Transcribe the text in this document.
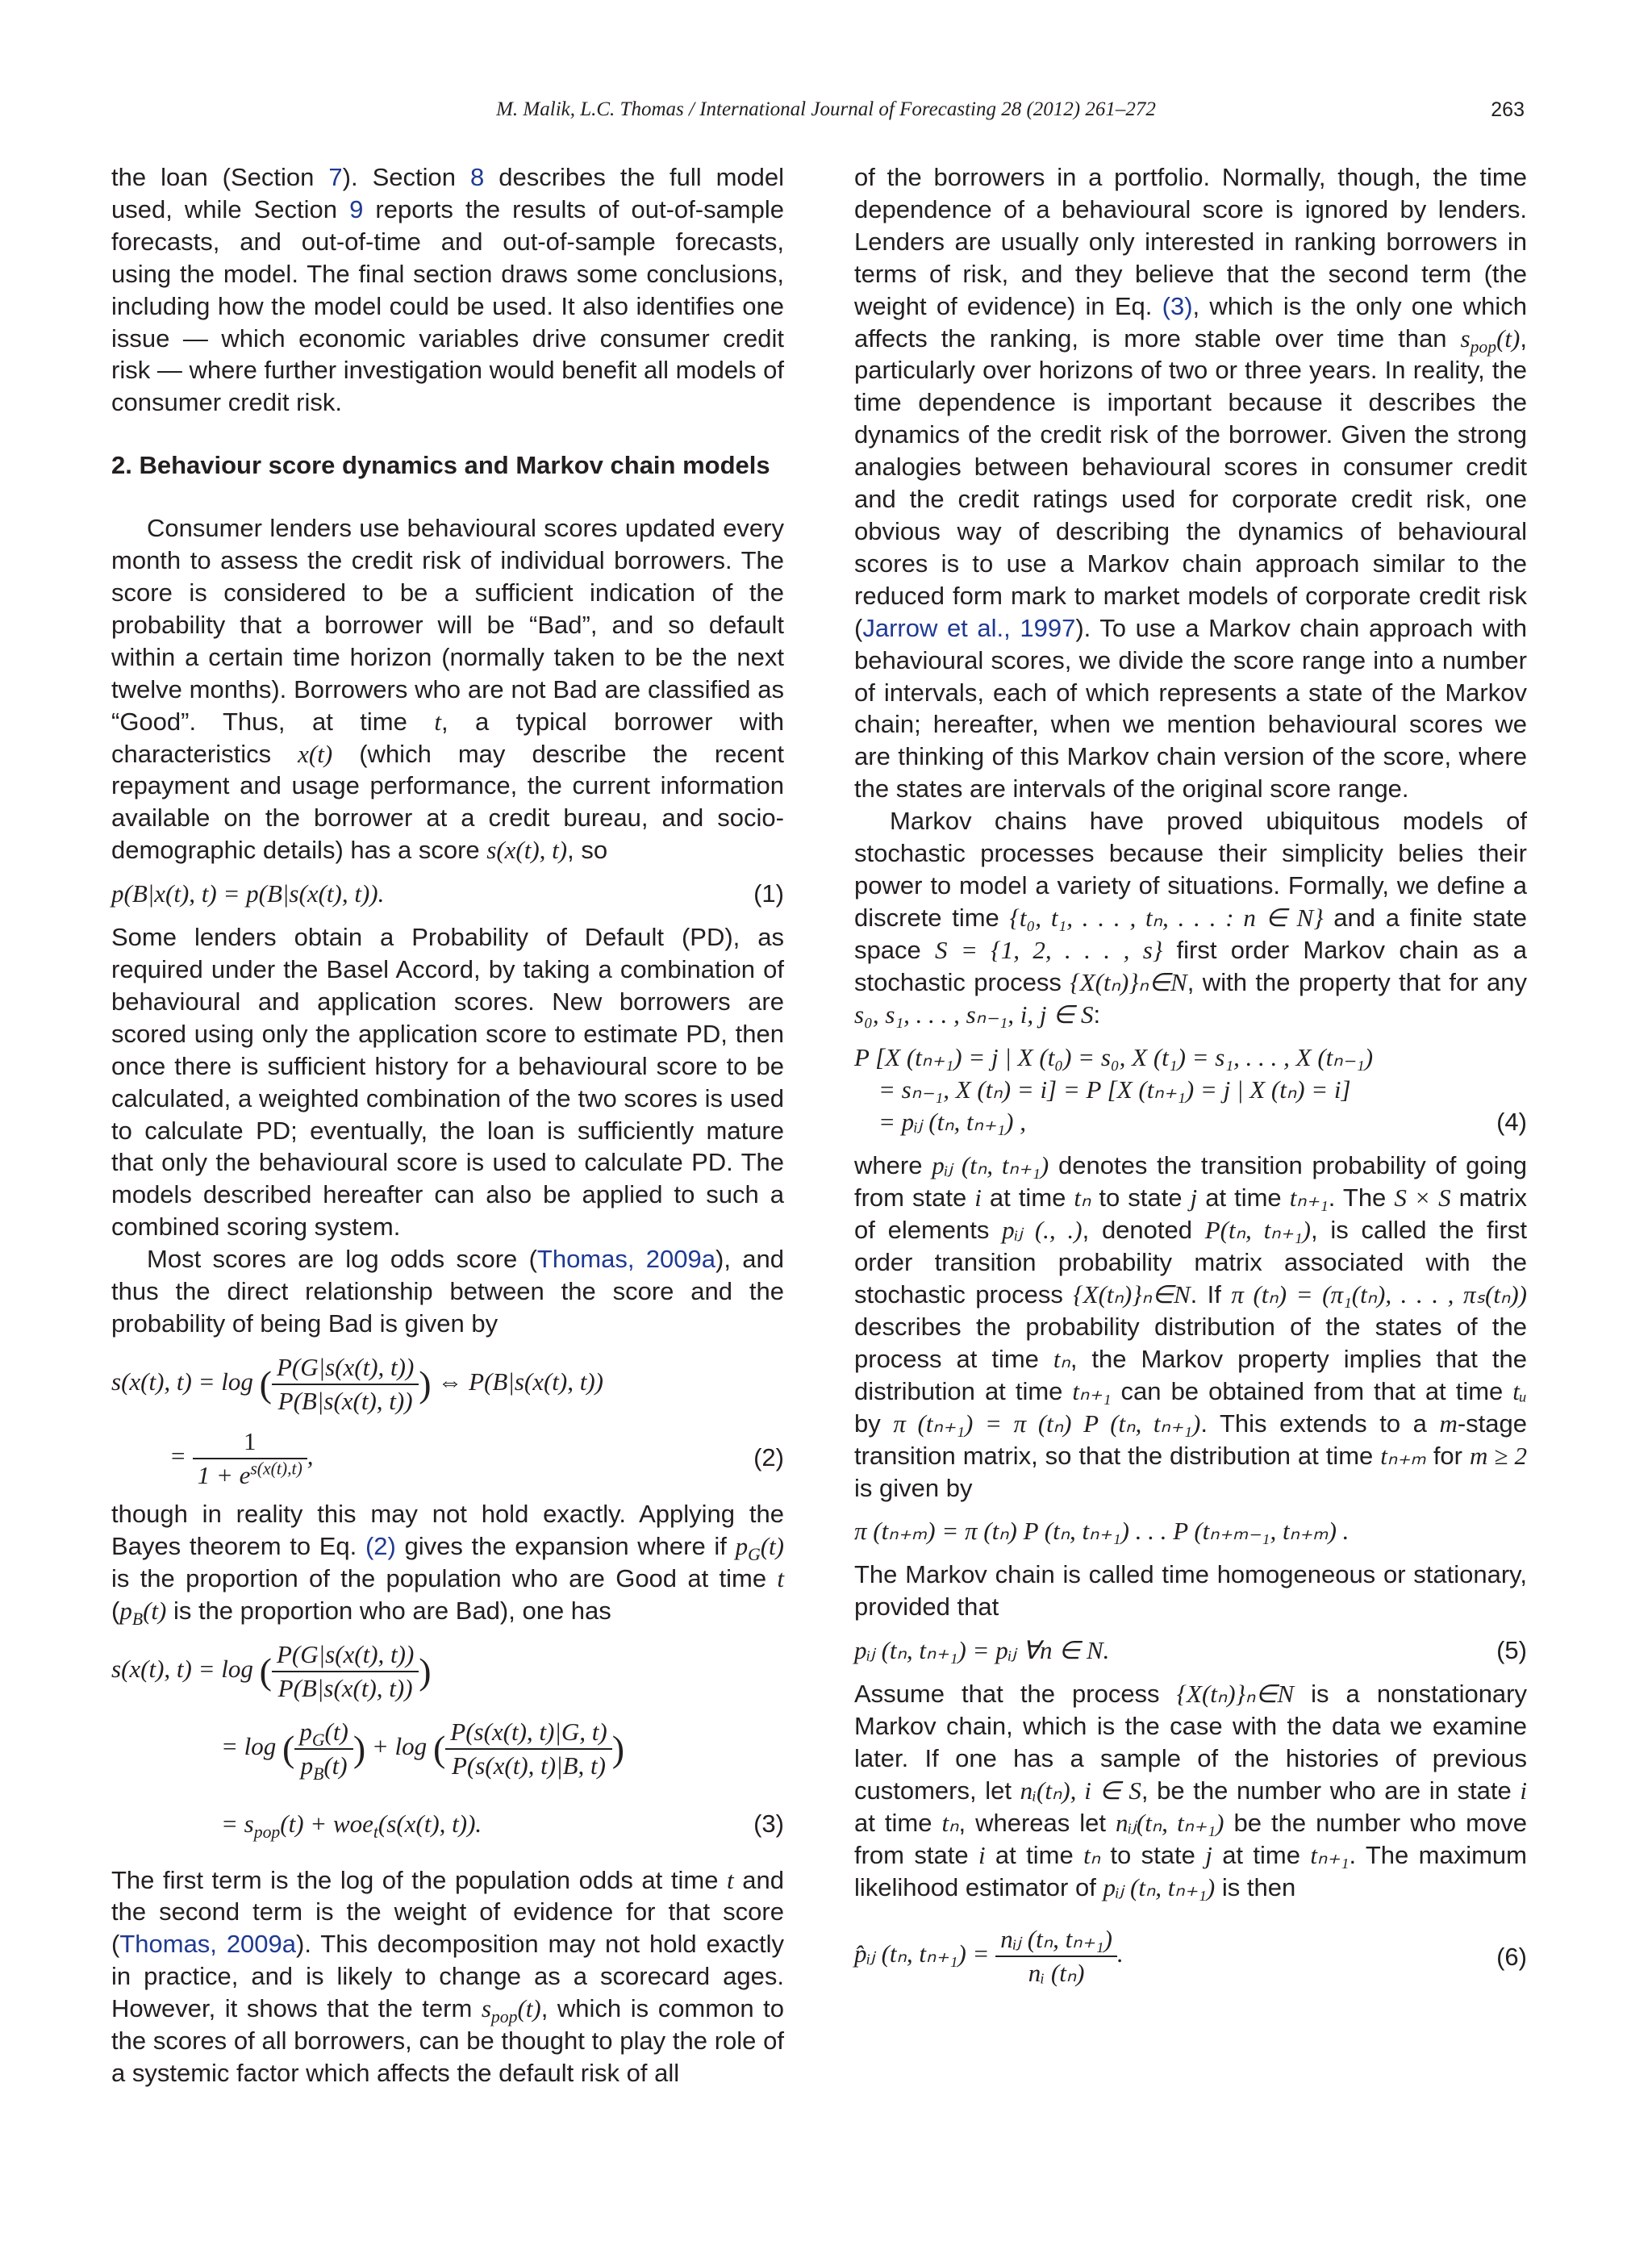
M. Malik, L.C. Thomas / International Journal of Forecasting 28 (2012) 261–272	263

the loan (Section 7). Section 8 describes the full model used, while Section 9 reports the results of out-of-sample forecasts, and out-of-time and out-of-sample forecasts, using the model. The final section draws some conclusions, including how the model could be used. It also identifies one issue — which economic variables drive consumer credit risk — where further investigation would benefit all models of consumer credit risk.

2. Behaviour score dynamics and Markov chain models

Consumer lenders use behavioural scores updated every month to assess the credit risk of individual borrowers. The score is considered to be a sufficient indication of the probability that a borrower will be “Bad”, and so default within a certain time horizon (normally taken to be the next twelve months). Borrowers who are not Bad are classified as “Good”. Thus, at time t, a typical borrower with characteristics x(t) (which may describe the recent repayment and usage performance, the current information available on the borrower at a credit bureau, and socio-demographic details) has a score s(x(t), t), so

p(B|x(t), t) = p(B|s(x(t), t)).	(1)

Some lenders obtain a Probability of Default (PD), as required under the Basel Accord, by taking a combination of behavioural and application scores. New borrowers are scored using only the application score to estimate PD, then once there is sufficient history for a behavioural score to be calculated, a weighted combination of the two scores is used to calculate PD; eventually, the loan is sufficiently mature that only the behavioural score is used to calculate PD. The models described hereafter can also be applied to such a combined scoring system.

Most scores are log odds score (Thomas, 2009a), and thus the direct relationship between the score and the probability of being Bad is given by

s(x(t), t) = log ( $\frac{P(G|s(x(t), t))}{P(B|s(x(t), t))}$ ) ⇔ P(B|s(x(t), t))
= $\frac{1}{1 + e^{s(x(t),t)}}$ ,	(2)

though in reality this may not hold exactly. Applying the Bayes theorem to Eq. (2) gives the expansion where if $p_G(t)$ is the proportion of the population who are Good at time t ($p_B(t)$ is the proportion who are Bad), one has

s(x(t), t) = log ( $\frac{P(G|s(x(t), t))}{P(B|s(x(t), t))}$ )
= log ( $\frac{p_G(t)}{p_B(t)}$ ) + log ( $\frac{P(s(x(t), t)|G, t)}{P(s(x(t), t)|B, t)}$ )
= $s_{pop}(t) + woe_t(s(x(t)$, t)).	(3)

The first term is the log of the population odds at time t and the second term is the weight of evidence for that score (Thomas, 2009a). This decomposition may not hold exactly in practice, and is likely to change as a scorecard ages. However, it shows that the term $s_{pop}(t)$, which is common to the scores of all borrowers, can be thought to play the role of a systemic factor which affects the default risk of all

of the borrowers in a portfolio. Normally, though, the time dependence of a behavioural score is ignored by lenders. Lenders are usually only interested in ranking borrowers in terms of risk, and they believe that the second term (the weight of evidence) in Eq. (3), which is the only one which affects the ranking, is more stable over time than $s_{pop}(t)$, particularly over horizons of two or three years. In reality, the time dependence is important because it describes the dynamics of the credit risk of the borrower. Given the strong analogies between behavioural scores in consumer credit and the credit ratings used for corporate credit risk, one obvious way of describing the dynamics of behavioural scores is to use a Markov chain approach similar to the reduced form mark to market models of corporate credit risk (Jarrow et al., 1997). To use a Markov chain approach with behavioural scores, we divide the score range into a number of intervals, each of which represents a state of the Markov chain; hereafter, when we mention behavioural scores we are thinking of this Markov chain version of the score, where the states are intervals of the original score range.

Markov chains have proved ubiquitous models of stochastic processes because their simplicity belies their power to model a variety of situations. Formally, we define a discrete time {t₀, t₁, . . . , tₙ, . . . : n ∈ N} and a finite state space S = {1, 2, . . . , s} first order Markov chain as a stochastic process {X(tₙ)}ₙ∈N, with the property that for any s₀, s₁, . . . , sₙ₋₁, i, j ∈ S:

P [X (tₙ₊₁) = j | X (t₀) = s₀, X (t₁) = s₁, . . . , X (tₙ₋₁)
= sₙ₋₁, X (tₙ) = i] = P [X (tₙ₊₁) = j | X (tₙ) = i]
= pᵢⱼ (tₙ, tₙ₊₁) ,	(4)

where pᵢⱼ (tₙ, tₙ₊₁) denotes the transition probability of going from state i at time tₙ to state j at time tₙ₊₁. The S × S matrix of elements pᵢⱼ (., .), denoted P(tₙ, tₙ₊₁), is called the first order transition probability matrix associated with the stochastic process {X(tₙ)}ₙ∈N. If π (tₙ) = (π₁(tₙ), . . . , πₛ(tₙ)) describes the probability distribution of the states of the process at time tₙ, the Markov property implies that the distribution at time tₙ₊₁ can be obtained from that at time tᵤ by π (tₙ₊₁) = π (tₙ) P (tₙ, tₙ₊₁). This extends to a m-stage transition matrix, so that the distribution at time tₙ₊ₘ for m ≥ 2 is given by

π (tₙ₊ₘ) = π (tₙ) P (tₙ, tₙ₊₁) . . . P (tₙ₊ₘ₋₁, tₙ₊ₘ) .

The Markov chain is called time homogeneous or stationary, provided that

pᵢⱼ (tₙ, tₙ₊₁) = pᵢⱼ ∀n ∈ N.	(5)

Assume that the process {X(tₙ)}ₙ∈N is a nonstationary Markov chain, which is the case with the data we examine later. If one has a sample of the histories of previous customers, let nᵢ(tₙ), i ∈ S, be the number who are in state i at time tₙ, whereas let nᵢⱼ(tₙ, tₙ₊₁) be the number who move from state i at time tₙ to state j at time tₙ₊₁. The maximum likelihood estimator of pᵢⱼ (tₙ, tₙ₊₁) is then

p̂ᵢⱼ (tₙ, $t_{n+1}) = \frac{\text{nᵢⱼ (tₙ, tₙ₊₁)}}{\text{nᵢ (tₙ)}}$ .	(6)
